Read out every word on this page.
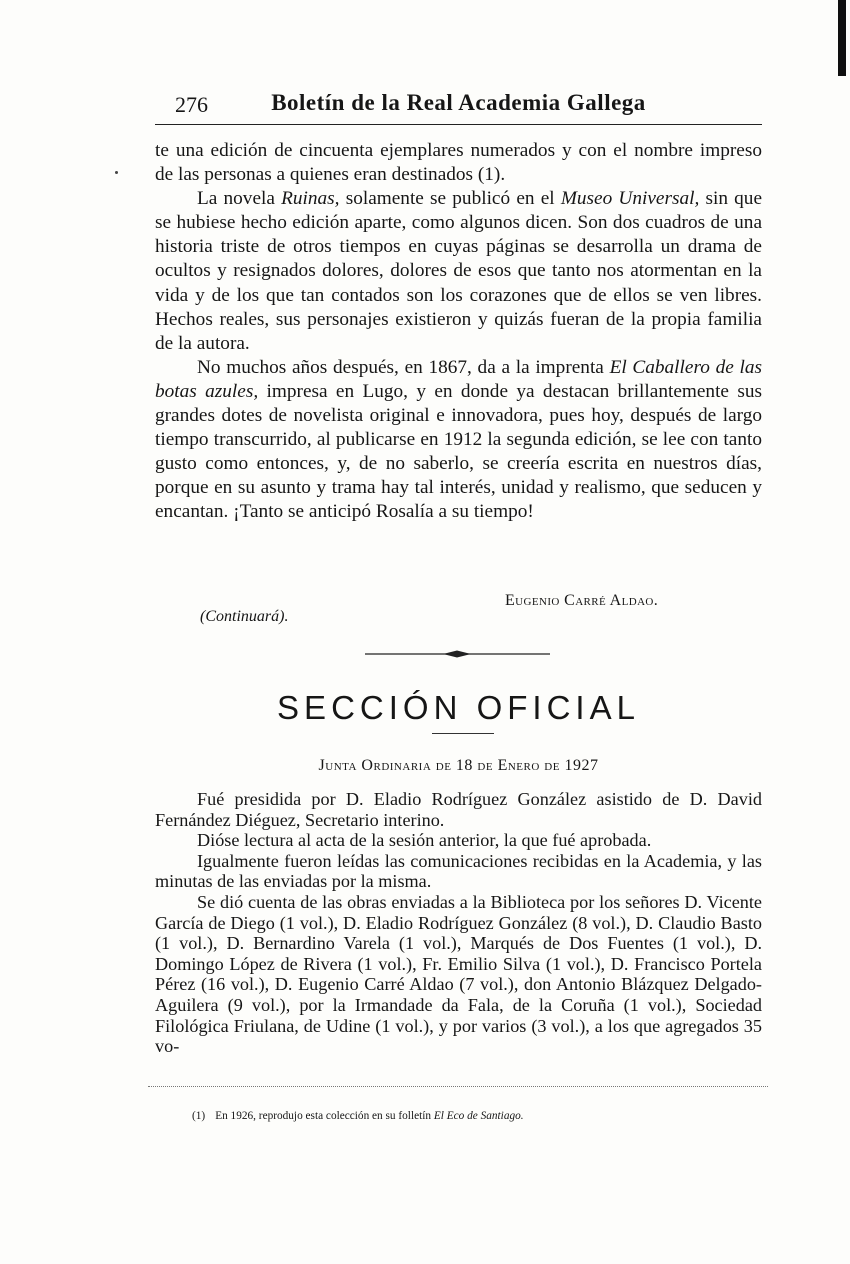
276	Boletín de la Real Academia Gallega

te una edición de cincuenta ejemplares numerados y con el nombre impreso de las personas a quienes eran destinados (1).

La novela Ruinas, solamente se publicó en el Museo Universal, sin que se hubiese hecho edición aparte, como algunos dicen. Son dos cuadros de una historia triste de otros tiempos en cuyas páginas se desarrolla un drama de ocultos y resignados dolores, dolores de esos que tanto nos atormentan en la vida y de los que tan contados son los corazones que de ellos se ven libres. Hechos reales, sus personajes existieron y quizás fueran de la propia familia de la autora.

No muchos años después, en 1867, da a la imprenta El Caballero de las botas azules, impresa en Lugo, y en donde ya destacan brillantemente sus grandes dotes de novelista original e innovadora, pues hoy, después de largo tiempo transcurrido, al publicarse en 1912 la segunda edición, se lee con tanto gusto como entonces, y, de no saberlo, se creería escrita en nuestros días, porque en su asunto y trama hay tal interés, unidad y realismo, que seducen y encantan. ¡Tanto se anticipó Rosalía a su tiempo!

Eugenio Carré Aldao.
(Continuará).
SECCIÓN OFICIAL
Junta Ordinaria de 18 de Enero de 1927

Fué presidida por D. Eladio Rodríguez González asistido de D. David Fernández Diéguez, Secretario interino.

Dióse lectura al acta de la sesión anterior, la que fué aprobada.

Igualmente fueron leídas las comunicaciones recibidas en la Academia, y las minutas de las enviadas por la misma.

Se dió cuenta de las obras enviadas a la Biblioteca por los señores D. Vicente García de Diego (1 vol.), D. Eladio Rodríguez González (8 vol.), D. Claudio Basto (1 vol.), D. Bernardino Varela (1 vol.), Marqués de Dos Fuentes (1 vol.), D. Domingo López de Rivera (1 vol.), Fr. Emilio Silva (1 vol.), D. Francisco Portela Pérez (16 vol.), D. Eugenio Carré Aldao (7 vol.), don Antonio Blázquez Delgado-Aguilera (9 vol.), por la Irmandade da Fala, de la Coruña (1 vol.), Sociedad Filológica Friulana, de Udine (1 vol.), y por varios (3 vol.), a los que agregados 35 vo-

(1) En 1926, reprodujo esta colección en su folletín El Eco de Santiago.
